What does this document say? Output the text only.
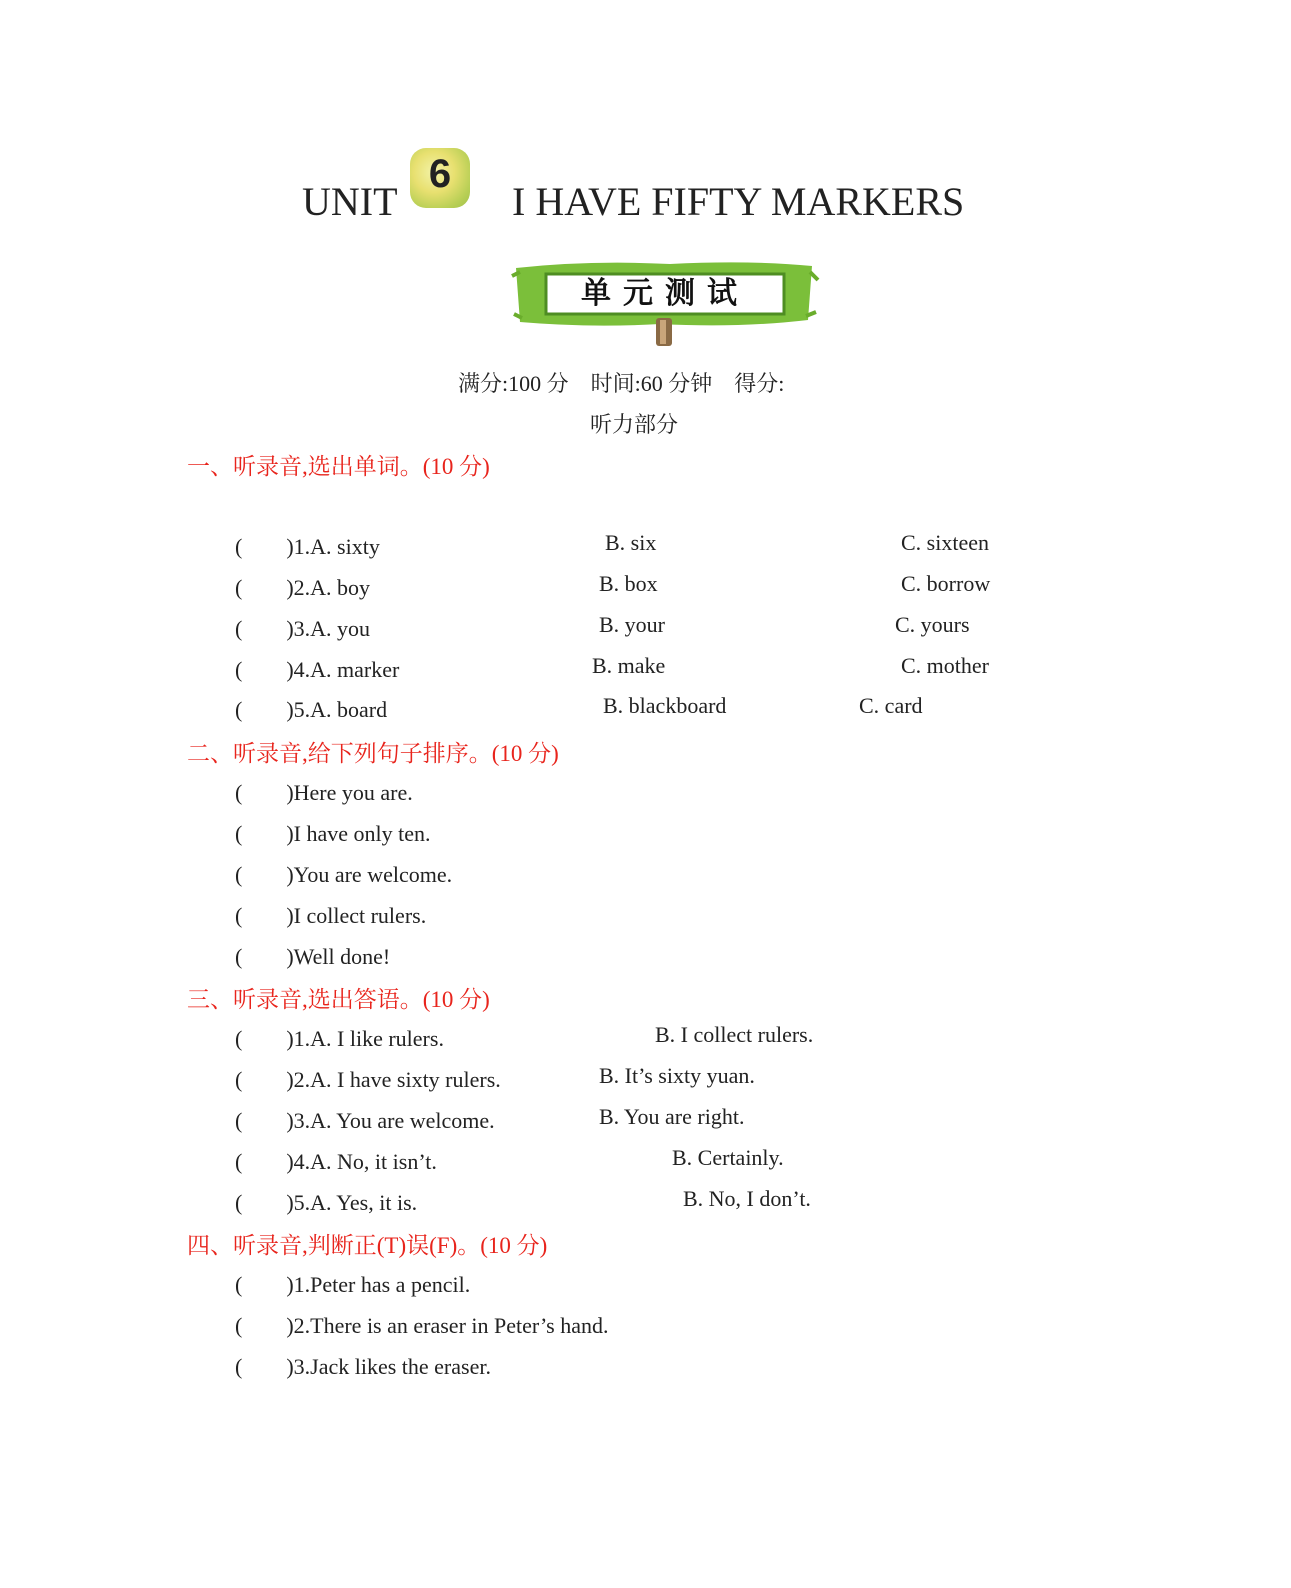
UNIT
6
I HAVE FIFTY MARKERS
单元测试
满分:100 分　时间:60 分钟　得分:
听力部分
一、听录音,选出单词。(10 分)
(　　)1.A. sixty	B. six	C. sixteen
(　　)2.A. boy	B. box	C. borrow
(　　)3.A. you	B. your	C. yours
(　　)4.A. marker	B. make	C. mother
(　　)5.A. board	B. blackboard	C. card
二、听录音,给下列句子排序。(10 分)
(　　)Here you are.
(　　)I have only ten.
(　　)You are welcome.
(　　)I collect rulers.
(　　)Well done!
三、听录音,选出答语。(10 分)
(　　)1.A. I like rulers.	B. I collect rulers.
(　　)2.A. I have sixty rulers.	B. It’s sixty yuan.
(　　)3.A. You are welcome.	B. You are right.
(　　)4.A. No, it isn’t.	B. Certainly.
(　　)5.A. Yes, it is.	B. No, I don’t.
四、听录音,判断正(T)误(F)。(10 分)
(　　)1.Peter has a pencil.
(　　)2.There is an eraser in Peter’s hand.
(　　)3.Jack likes the eraser.
